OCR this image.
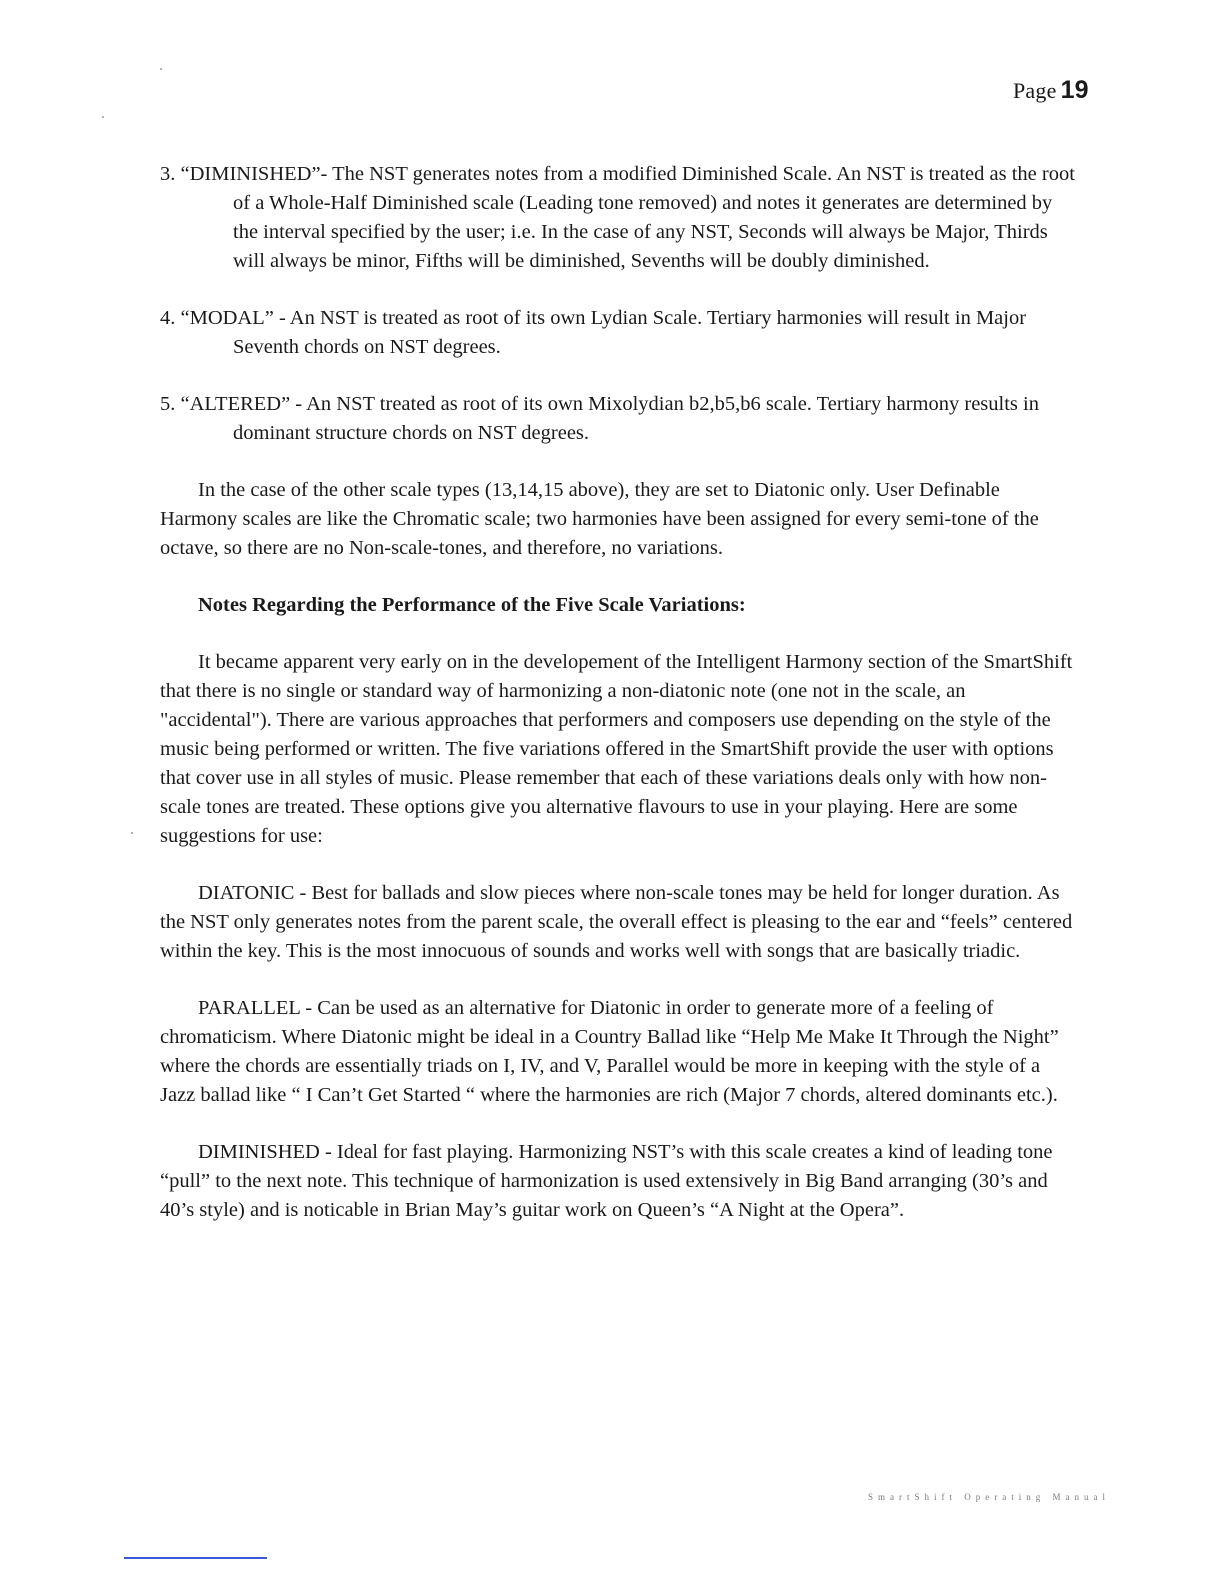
Page 19

3. “DIMINISHED”- The NST generates notes from a modified Diminished Scale. An NST is treated as the root of a Whole-Half Diminished scale (Leading tone removed) and notes it generates are determined by the interval specified by the user; i.e. In the case of any NST, Seconds will always be Major, Thirds will always be minor, Fifths will be diminished, Sevenths will be doubly diminished.

4. “MODAL” - An NST is treated as root of its own Lydian Scale. Tertiary harmonies will result in Major Seventh chords on NST degrees.

5. “ALTERED” - An NST treated as root of its own Mixolydian b2,b5,b6 scale. Tertiary harmony results in dominant structure chords on NST degrees.

In the case of the other scale types (13,14,15 above), they are set to Diatonic only. User Definable Harmony scales are like the Chromatic scale; two harmonies have been assigned for every semi-tone of the octave, so there are no Non-scale-tones, and therefore, no variations.

Notes Regarding the Performance of the Five Scale Variations:

It became apparent very early on in the developement of the Intelligent Harmony section of the SmartShift that there is no single or standard way of harmonizing a non-diatonic note (one not in the scale, an "accidental"). There are various approaches that performers and composers use depending on the style of the music being performed or written. The five variations offered in the SmartShift provide the user with options that cover use in all styles of music. Please remember that each of these variations deals only with how non-scale tones are treated. These options give you alternative flavours to use in your playing. Here are some suggestions for use:

DIATONIC - Best for ballads and slow pieces where non-scale tones may be held for longer duration. As the NST only generates notes from the parent scale, the overall effect is pleasing to the ear and “feels” centered within the key. This is the most innocuous of sounds and works well with songs that are basically triadic.

PARALLEL - Can be used as an alternative for Diatonic in order to generate more of a feeling of chromaticism. Where Diatonic might be ideal in a Country Ballad like “Help Me Make It Through the Night” where the chords are essentially triads on I, IV, and V, Parallel would be more in keeping with the style of a Jazz ballad like “ I Can’t Get Started “ where the harmonies are rich (Major 7 chords, altered dominants etc.).

DIMINISHED - Ideal for fast playing. Harmonizing NST’s with this scale creates a kind of leading tone “pull” to the next note. This technique of harmonization is used extensively in Big Band arranging (30’s and 40’s style) and is noticable in Brian May’s guitar work on Queen’s “A Night at the Opera”.

SmartShift Operating Manual
